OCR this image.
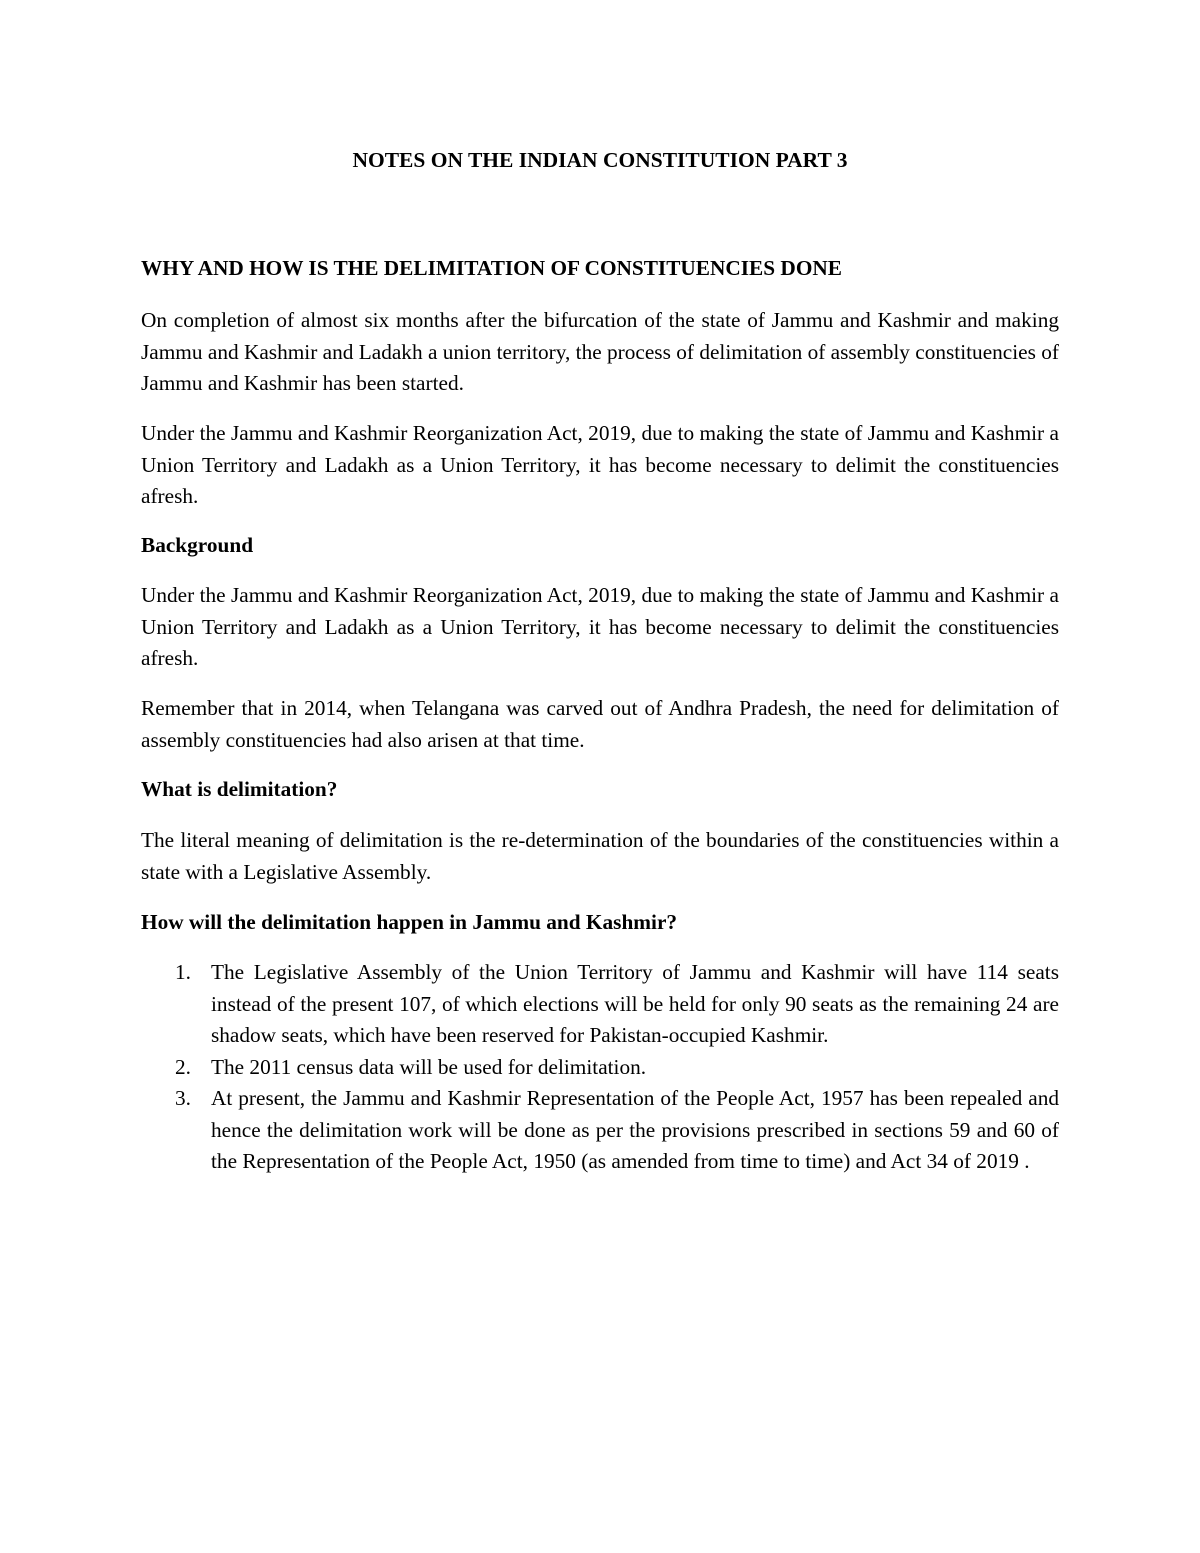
NOTES ON THE INDIAN CONSTITUTION PART 3

WHY AND HOW IS THE DELIMITATION OF CONSTITUENCIES DONE

On completion of almost six months after the bifurcation of the state of Jammu and Kashmir and making Jammu and Kashmir and Ladakh a union territory, the process of delimitation of assembly constituencies of Jammu and Kashmir has been started.

Under the Jammu and Kashmir Reorganization Act, 2019, due to making the state of Jammu and Kashmir a Union Territory and Ladakh as a Union Territory, it has become necessary to delimit the constituencies afresh.

Background

Under the Jammu and Kashmir Reorganization Act, 2019, due to making the state of Jammu and Kashmir a Union Territory and Ladakh as a Union Territory, it has become necessary to delimit the constituencies afresh.

Remember that in 2014, when Telangana was carved out of Andhra Pradesh, the need for delimitation of assembly constituencies had also arisen at that time.

What is delimitation?

The literal meaning of delimitation is the re-determination of the boundaries of the constituencies within a state with a Legislative Assembly.

How will the delimitation happen in Jammu and Kashmir?

1. The Legislative Assembly of the Union Territory of Jammu and Kashmir will have 114 seats instead of the present 107, of which elections will be held for only 90 seats as the remaining 24 are shadow seats, which have been reserved for Pakistan-occupied Kashmir.
2. The 2011 census data will be used for delimitation.
3. At present, the Jammu and Kashmir Representation of the People Act, 1957 has been repealed and hence the delimitation work will be done as per the provisions prescribed in sections 59 and 60 of the Representation of the People Act, 1950 (as amended from time to time) and Act 34 of 2019 .
